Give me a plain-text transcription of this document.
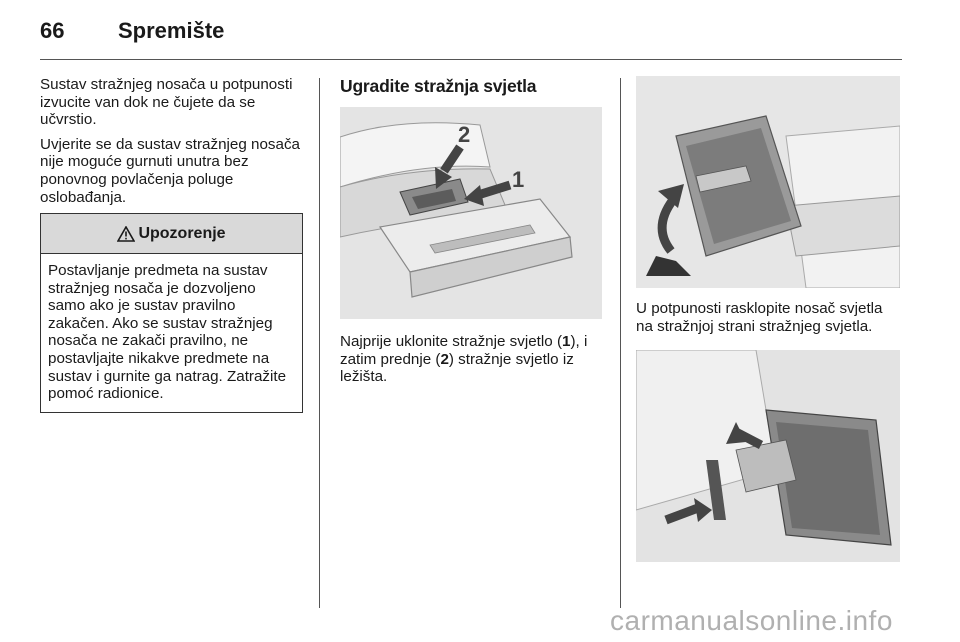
66	Spremište

Sustav stražnjeg nosača u potpunosti izvucite van dok ne čujete da se učvrstio.

Uvjerite se da sustav stražnjeg nosača nije moguće gurnuti unutra bez ponovnog povlačenja poluge oslobađanja.

Upozorenje
Postavljanje predmeta na sustav stražnjeg nosača je dozvoljeno samo ako je sustav pravilno zakačen. Ako se sustav stražnjeg nosača ne zakači pravilno, ne postavljajte nikakve predmete na sustav i gurnite ga natrag. Zatražite pomoć radionice.
Ugradite stražnja svjetla
2
1
Najprije uklonite stražnje svjetlo (1), i zatim prednje (2) stražnje svjetlo iz ležišta.
U potpunosti rasklopite nosač svjetla na stražnjoj strani stražnjeg svjetla.
carmanualsonline.info
